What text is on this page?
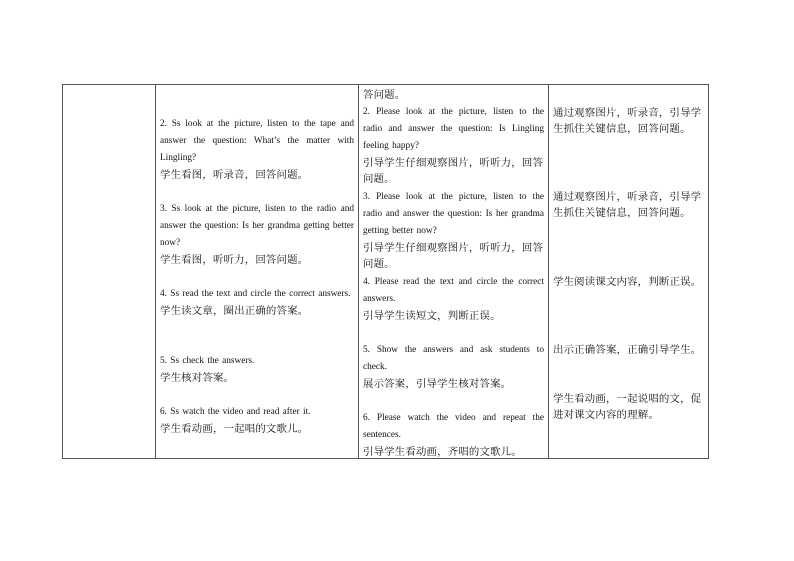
2. Ss look at the picture, listen to the tape and answer the question: What’s the matter with Lingling?
学生看图，听录音，回答问题。
3. Ss look at the picture, listen to the radio and answer the question: Is her grandma getting better now?
学生看图，听听力，回答问题。
4. Ss read the text and circle the correct answers.
学生读文章，圈出正确的答案。
5. Ss check the answers.
学生核对答案。
6. Ss watch the video and read after it.
学生看动画，一起唱的文歌儿。
答问题。
2. Please look at the picture, listen to the radio and answer the question: Is Lingling feeling happy?
引导学生仔细观察图片，听听力，回答问题。
3. Please look at the picture, listen to the radio and answer the question: Is her grandma getting better now?
引导学生仔细观察图片，听听力，回答问题。
4. Please read the text and circle the correct answers.
引导学生读短文，判断正误。
5. Show the answers and ask students to check.
展示答案，引导学生核对答案。
6. Please watch the video and repeat the sentences.
引导学生看动画，齐唱的文歌儿。
通过观察图片，听录音，引导学生抓住关键信息，回答问题。
通过观察图片，听录音，引导学生抓住关键信息，回答问题。
学生阅读课文内容，判断正误。
出示正确答案，正确引导学生。
学生看动画，一起说唱的文，促进对课文内容的理解。
